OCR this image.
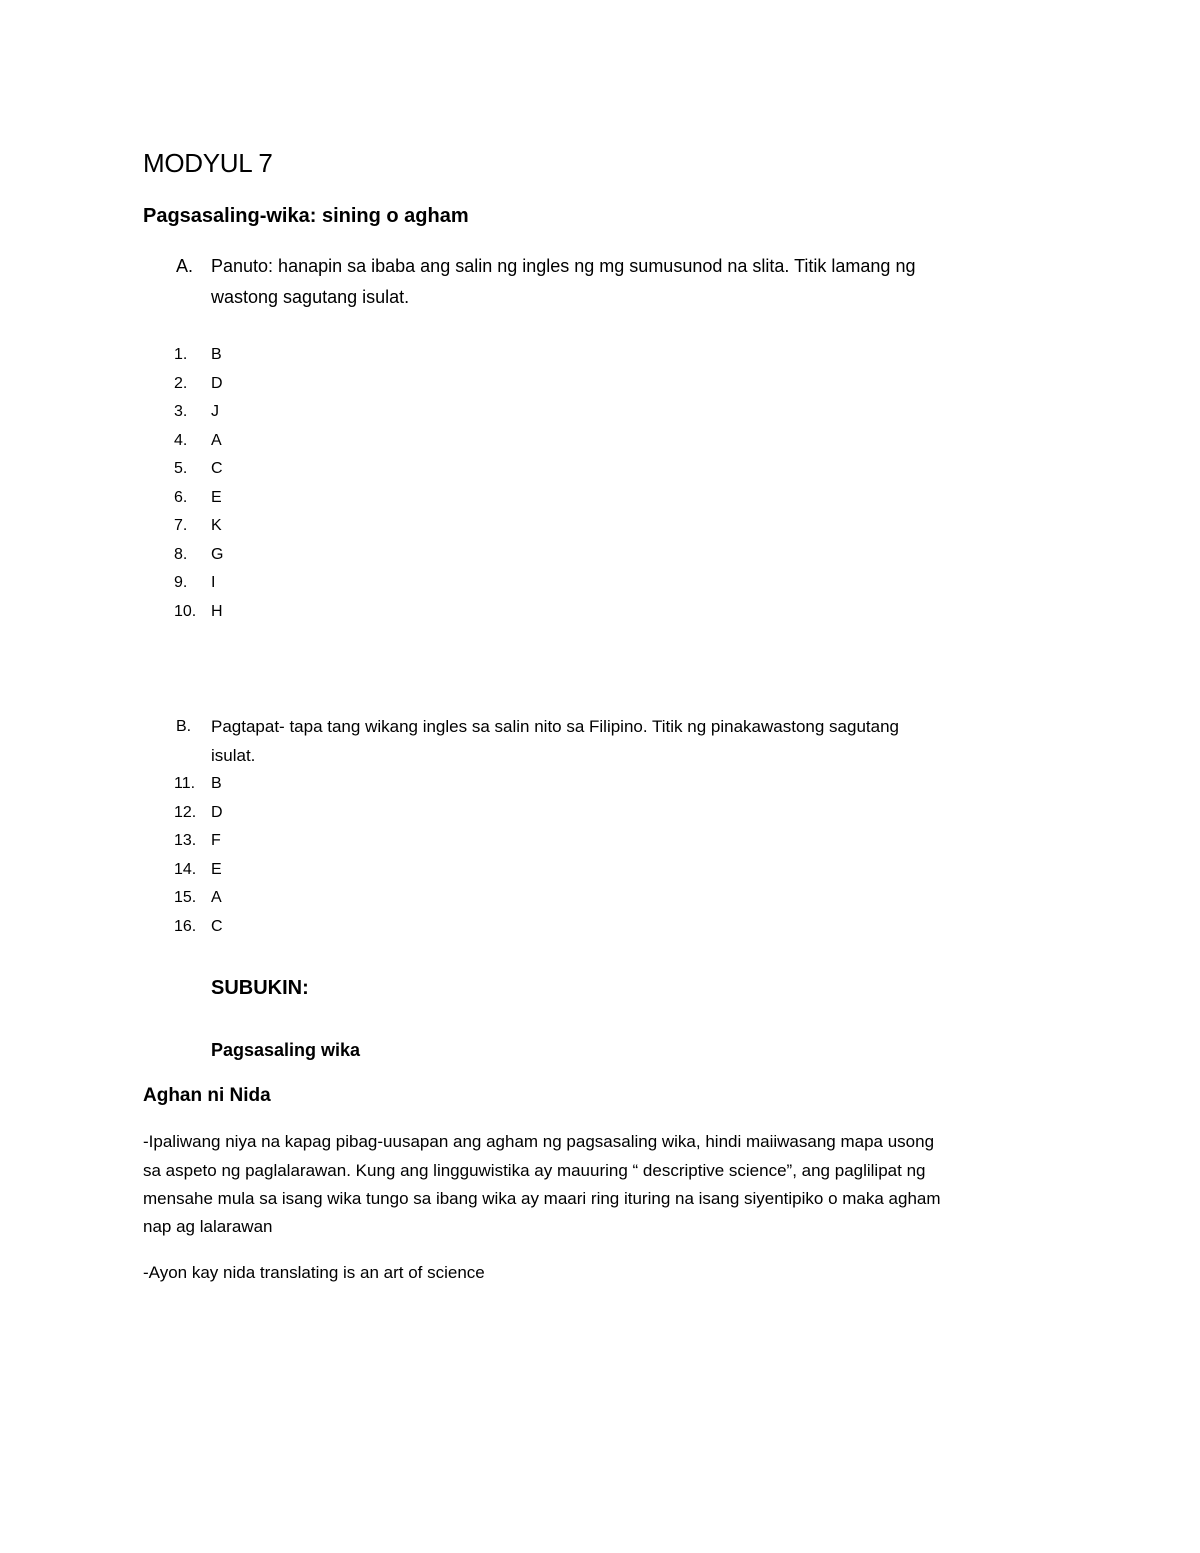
MODYUL 7
Pagsasaling-wika: sining o agham
A. Panuto: hanapin sa ibaba ang salin ng ingles ng mg sumusunod na slita. Titik lamang ng
wastong sagutang isulat.
1. B
2. D
3. J
4. A
5. C
6. E
7. K
8. G
9. I
10. H
B. Pagtapat- tapa tang wikang ingles sa salin nito sa Filipino. Titik ng pinakawastong sagutang
isulat.
11. B
12. D
13. F
14. E
15. A
16. C
SUBUKIN:
Pagsasaling wika
Aghan ni Nida
-Ipaliwang niya na kapag pibag-uusapan ang agham ng pagsasaling wika, hindi maiiwasang mapa usong
sa aspeto ng paglalarawan. Kung ang lingguwistika ay mauuring “ descriptive science”, ang paglilipat ng
mensahe mula sa isang wika tungo sa ibang wika ay maari ring ituring na isang siyentipiko o maka agham
nap ag lalarawan
-Ayon kay nida translating is an art of science
